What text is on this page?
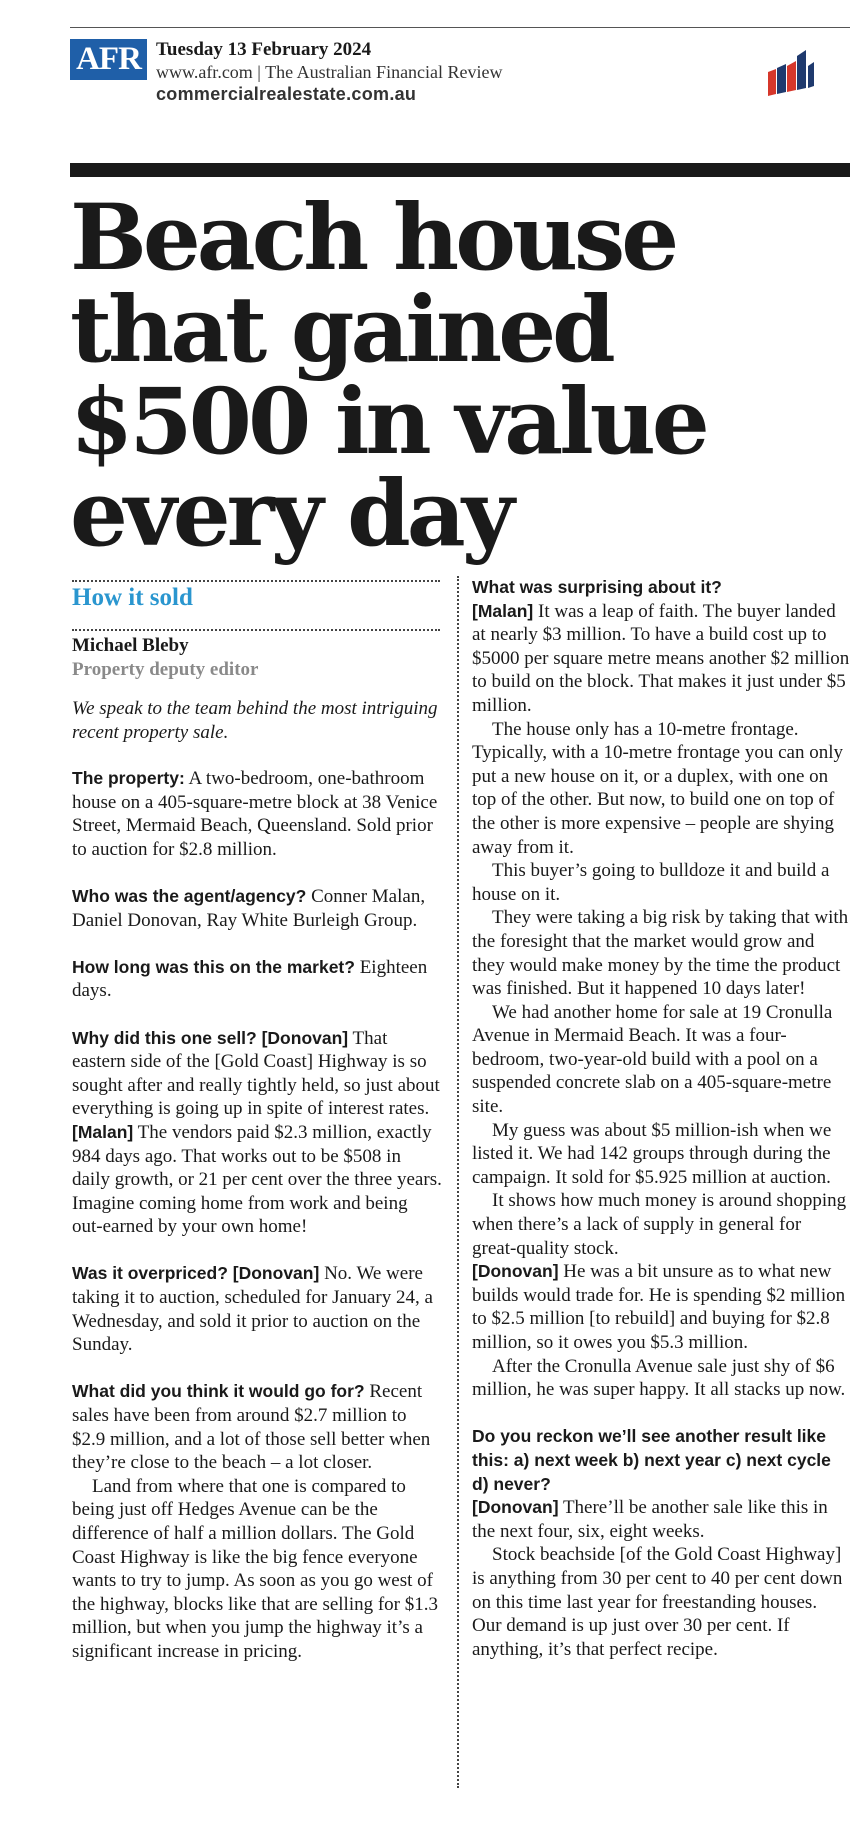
AFR Tuesday 13 February 2024
www.afr.com | The Australian Financial Review
commercialrealestate.com.au
Beach house that gained $500 in value every day
How it sold
Michael Bleby
Property deputy editor
We speak to the team behind the most intriguing recent property sale.

The property: A two-bedroom, one-bathroom house on a 405-square-metre block at 38 Venice Street, Mermaid Beach, Queensland. Sold prior to auction for $2.8 million.

Who was the agent/agency? Conner Malan, Daniel Donovan, Ray White Burleigh Group.

How long was this on the market? Eighteen days.

Why did this one sell? [Donovan] That eastern side of the [Gold Coast] Highway is so sought after and really tightly held, so just about everything is going up in spite of interest rates.

[Malan] The vendors paid $2.3 million, exactly 984 days ago. That works out to be $508 in daily growth, or 21 per cent over the three years. Imagine coming home from work and being out-earned by your own home!

Was it overpriced? [Donovan] No. We were taking it to auction, scheduled for January 24, a Wednesday, and sold it prior to auction on the Sunday.

What did you think it would go for? Recent sales have been from around $2.7 million to $2.9 million, and a lot of those sell better when they’re close to the beach – a lot closer.

Land from where that one is compared to being just off Hedges Avenue can be the difference of half a million dollars. The Gold Coast Highway is like the big fence everyone wants to try to jump. As soon as you go west of the highway, blocks like that are selling for $1.3 million, but when you jump the highway it’s a significant increase in pricing.

What was surprising about it?

[Malan] It was a leap of faith. The buyer landed at nearly $3 million. To have a build cost up to $5000 per square metre means another $2 million to build on the block. That makes it just under $5 million.

The house only has a 10-metre frontage. Typically, with a 10-metre frontage you can only put a new house on it, or a duplex, with one on top of the other. But now, to build one on top of the other is more expensive – people are shying away from it.

This buyer’s going to bulldoze it and build a house on it.

They were taking a big risk by taking that with the foresight that the market would grow and they would make money by the time the product was finished. But it happened 10 days later!

We had another home for sale at 19 Cronulla Avenue in Mermaid Beach. It was a four-bedroom, two-year-old build with a pool on a suspended concrete slab on a 405-square-metre site.

My guess was about $5 million-ish when we listed it. We had 142 groups through during the campaign. It sold for $5.925 million at auction.

It shows how much money is around shopping when there’s a lack of supply in general for great-quality stock.

[Donovan] He was a bit unsure as to what new builds would trade for. He is spending $2 million to $2.5 million [to rebuild] and buying for $2.8 million, so it owes you $5.3 million.

After the Cronulla Avenue sale just shy of $6 million, he was super happy. It all stacks up now.

Do you reckon we’ll see another result like this: a) next week b) next year c) next cycle d) never?

[Donovan] There’ll be another sale like this in the next four, six, eight weeks.

Stock beachside [of the Gold Coast Highway] is anything from 30 per cent to 40 per cent down on this time last year for freestanding houses. Our demand is up just over 30 per cent. If anything, it’s that perfect recipe.
